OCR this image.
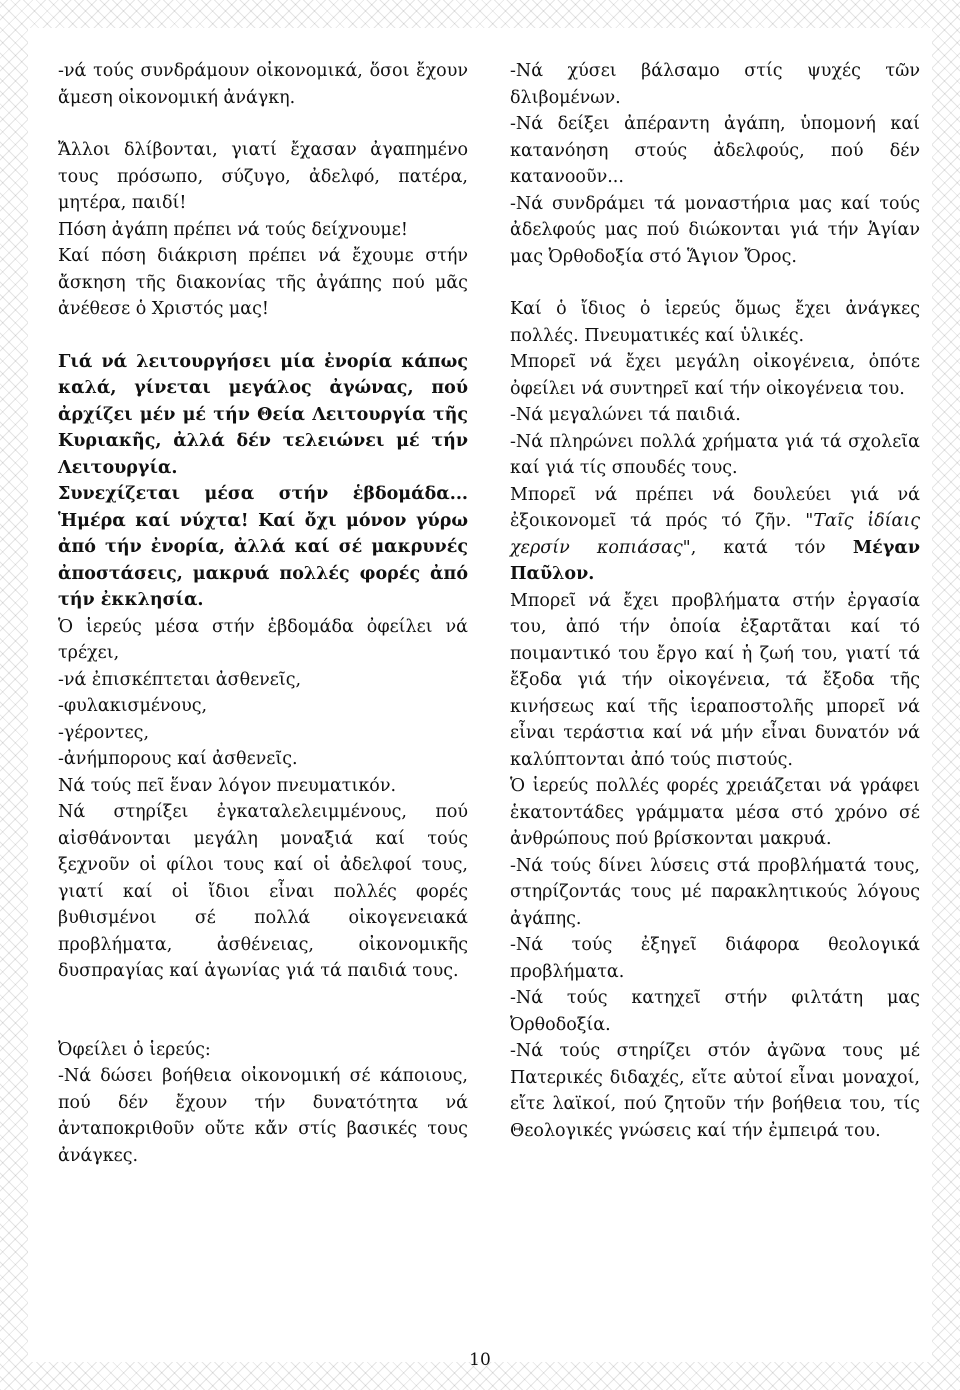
-νά τούς συνδράμουν οἰκονομικά, ὅσοι ἔχουν ἄμεση οἰκονομική ἀνάγκη.

Ἄλλοι δλίβονται, γιατί ἔχασαν ἀγαπημένο τους πρόσωπο, σύζυγο, ἀδελφό, πατέρα, μητέρα, παιδί!

Πόση ἀγάπη πρέπει νά τούς δείχνουμε!

Καί πόση διάκριση πρέπει νά ἔχουμε στήν ἄσκηση τῆς διακονίας τῆς ἀγάπης πού μᾶς ἀνέθεσε ὁ Χριστός μας!

Γιά νά λειτουργήσει μία ἐνορία κάπως καλά, γίνεται μεγάλος ἀγώνας, πού ἀρχίζει μέν μέ τήν Θεία Λειτουργία τῆς Κυριακῆς, ἀλλά δέν τελειώνει μέ τήν Λειτουργία.

Συνεχίζεται μέσα στήν ἑβδομάδα... Ἡμέρα καί νύχτα! Καί ὄχι μόνον γύρω ἀπό τήν ἐνορία, ἀλλά καί σέ μακρυνές ἀποστάσεις, μακρυά πολλές φορές ἀπό τήν ἐκκλησία.

Ὁ ἱερεύς μέσα στήν ἑβδομάδα ὀφείλει νά τρέχει,

-νά ἐπισκέπτεται ἀσθενεῖς,

-φυλακισμένους,

-γέροντες,

-ἀνήμπορους καί ἀσθενεῖς.

Νά τούς πεῖ ἕναν λόγον πνευματικόν.

Νά στηρίξει ἐγκαταλελειμμένους, πού αἰσθάνονται μεγάλη μοναξιά καί τούς ξεχνοῦν οἱ φίλοι τους καί οἱ ἀδελφοί τους, γιατί καί οἱ ἴδιοι εἶναι πολλές φορές βυθισμένοι σέ πολλά οἰκογενειακά προβλήματα, ἀσθένειας, οἰκονομικῆς δυσπραγίας καί ἀγωνίας γιά τά παιδιά τους.

Ὀφείλει ὁ ἱερεύς:

-Νά δώσει βοήθεια οἰκονομική σέ κάποιους, πού δέν ἔχουν τήν δυνατότητα νά ἀνταποκριθοῦν οὔτε κἄν στίς βασικές τους ἀνάγκες.

-Νά χύσει βάλσαμο στίς ψυχές τῶν δλιβομένων.

-Νά δείξει ἀπέραντη ἀγάπη, ὑπομονή καί κατανόηση στούς ἀδελφούς, πού δέν κατανοοῦν...

-Νά συνδράμει τά μοναστήρια μας καί τούς ἀδελφούς μας πού διώκονται γιά τήν Ἁγίαν μας Ὀρθοδοξία στό Ἅγιον Ὄρος.

Καί ὁ ἴδιος ὁ ἱερεύς ὅμως ἔχει ἀνάγκες πολλές. Πνευματικές καί ὑλικές.

Μπορεῖ νά ἔχει μεγάλη οἰκογένεια, ὁπότε ὀφείλει νά συντηρεῖ καί τήν οἰκογένεια του.

-Νά μεγαλώνει τά παιδιά.

-Νά πληρώνει πολλά χρήματα γιά τά σχολεῖα καί γιά τίς σπουδές τους.

Μπορεῖ νά πρέπει νά δουλεύει γιά νά ἐξοικονομεῖ τά πρός τό ζῆν. "Ταῖς ἰδίαις χερσίν κοπιάσας", κατά τόν Μέγαν Παῦλον.

Μπορεῖ νά ἔχει προβλήματα στήν ἐργασία του, ἀπό τήν ὁποία ἐξαρτᾶται καί τό ποιμαντικό του ἔργο καί ἡ ζωή του, γιατί τά ἔξοδα γιά τήν οἰκογένεια, τά ἔξοδα τῆς κινήσεως καί τῆς ἱεραποστολῆς μπορεῖ νά εἶναι τεράστια καί νά μήν εἶναι δυνατόν νά καλύπτονται ἀπό τούς πιστούς.

Ὁ ἱερεύς πολλές φορές χρειάζεται νά γράφει ἑκατοντάδες γράμματα μέσα στό χρόνο σέ ἀνθρώπους πού βρίσκονται μακρυά.

-Νά τούς δίνει λύσεις στά προβλήματά τους, στηρίζοντάς τους μέ παρακλητικούς λόγους ἀγάπης.

-Νά τούς ἐξηγεῖ διάφορα θεολογικά προβλήματα.

-Νά τούς κατηχεῖ στήν φιλτάτη μας Ὀρθοδοξία.

-Νά τούς στηρίζει στόν ἀγῶνα τους μέ Πατερικές διδαχές, εἴτε αὐτοί εἶναι μοναχοί, εἴτε λαϊκοί, πού ζητοῦν τήν βοήθεια του, τίς Θεολογικές γνώσεις καί τήν ἐμπειρά του.

10
